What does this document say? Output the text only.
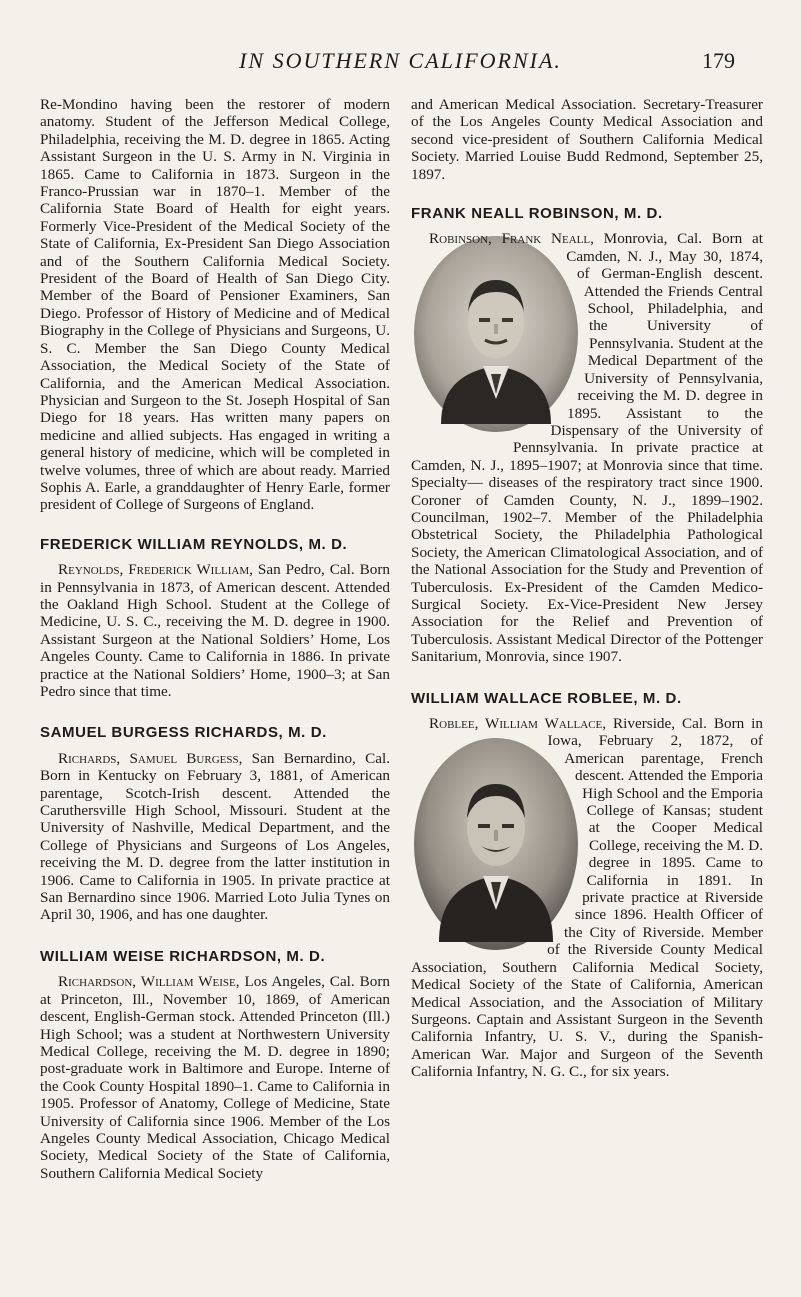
IN SOUTHERN CALIFORNIA.	179

Re-Mondino having been the restorer of modern anatomy. Student of the Jefferson Medical College, Philadelphia, receiving the M. D. degree in 1865. Acting Assistant Surgeon in the U. S. Army in N. Virginia in 1865. Came to California in 1873. Surgeon in the Franco-Prussian war in 1870–1. Member of the California State Board of Health for eight years. Formerly Vice-President of the Medical Society of the State of California, Ex-President San Diego Association and of the Southern California Medical Society. President of the Board of Health of San Diego City. Member of the Board of Pensioner Examiners, San Diego. Professor of History of Medicine and of Medical Biography in the College of Physicians and Surgeons, U. S. C. Member the San Diego County Medical Association, the Medical Society of the State of California, and the American Medical Association. Physician and Surgeon to the St. Joseph Hospital of San Diego for 18 years. Has written many papers on medicine and allied subjects. Has engaged in writing a general history of medicine, which will be completed in twelve volumes, three of which are about ready. Married Sophis A. Earle, a granddaughter of Henry Earle, former president of College of Surgeons of England.

FREDERICK WILLIAM REYNOLDS, M. D.

Reynolds, Frederick William, San Pedro, Cal. Born in Pennsylvania in 1873, of American descent. Attended the Oakland High School. Student at the College of Medicine, U. S. C., receiving the M. D. degree in 1900. Assistant Surgeon at the National Soldiers’ Home, Los Angeles County. Came to California in 1886. In private practice at the National Soldiers’ Home, 1900–3; at San Pedro since that time.

SAMUEL BURGESS RICHARDS, M. D.

Richards, Samuel Burgess, San Bernardino, Cal. Born in Kentucky on February 3, 1881, of American parentage, Scotch-Irish descent. Attended the Caruthersville High School, Missouri. Student at the University of Nashville, Medical Department, and the College of Physicians and Surgeons of Los Angeles, receiving the M. D. degree from the latter institution in 1906. Came to California in 1905. In private practice at San Bernardino since 1906. Married Loto Julia Tynes on April 30, 1906, and has one daughter.

WILLIAM WEISE RICHARDSON, M. D.

Richardson, William Weise, Los Angeles, Cal. Born at Princeton, Ill., November 10, 1869, of American descent, English-German stock. Attended Princeton (Ill.) High School; was a student at Northwestern University Medical College, receiving the M. D. degree in 1890; post-graduate work in Baltimore and Europe. Interne of the Cook County Hospital 1890–1. Came to California in 1905. Professor of Anatomy, College of Medicine, State University of California since 1906. Member of the Los Angeles County Medical Association, Chicago Medical Society, Medical Society of the State of California, Southern California Medical Society

and American Medical Association. Secretary-Treasurer of the Los Angeles County Medical Association and second vice-president of Southern California Medical Society. Married Louise Budd Redmond, September 25, 1897.

FRANK NEALL ROBINSON, M. D.

Robinson, Frank Neall,
Monrovia, Cal. Born at Camden, N. J., May 30, 1874, of German-English descent. Attended the Friends Central School, Philadelphia, and the University of Pennsylvania. Student at the Medical Department of the University of Pennsylvania, receiving the M. D. degree in 1895. Assistant to the Dispensary of the University of Pennsylvania. In private practice at Camden, N. J., 1895–1907; at Monrovia since that time. Specialty— diseases of the respiratory tract since 1900. Coroner of Camden County, N. J., 1899–1902. Councilman, 1902–7. Member of the Philadelphia Obstetrical Society, the Philadelphia Pathological Society, the American Climatological Association, and of the National Association for the Study and Prevention of Tuberculosis. Ex-President of the Camden Medico-Surgical Society. Ex-Vice-President New Jersey Association for the Relief and Prevention of Tuberculosis. Assistant Medical Director of the Pottenger Sanitarium, Monrovia, since 1907.

WILLIAM WALLACE ROBLEE, M. D.

Roblee, William Wallace,
Riverside, Cal. Born in Iowa, February 2, 1872, of American parentage, French descent. Attended the Emporia High School and the Emporia College of Kansas; student at the Cooper Medical College, receiving the M. D. degree in 1895. Came to California in 1891. In private practice at Riverside since 1896. Health Officer of the City of Riverside. Member of the Riverside County Medical Association, Southern California Medical Society, Medical Society of the State of California, American Medical Association, and the Association of Military Surgeons. Captain and Assistant Surgeon in the Seventh California Infantry, U. S. V., during the Spanish-American War. Major and Surgeon of the Seventh California Infantry, N. G. C., for six years.
